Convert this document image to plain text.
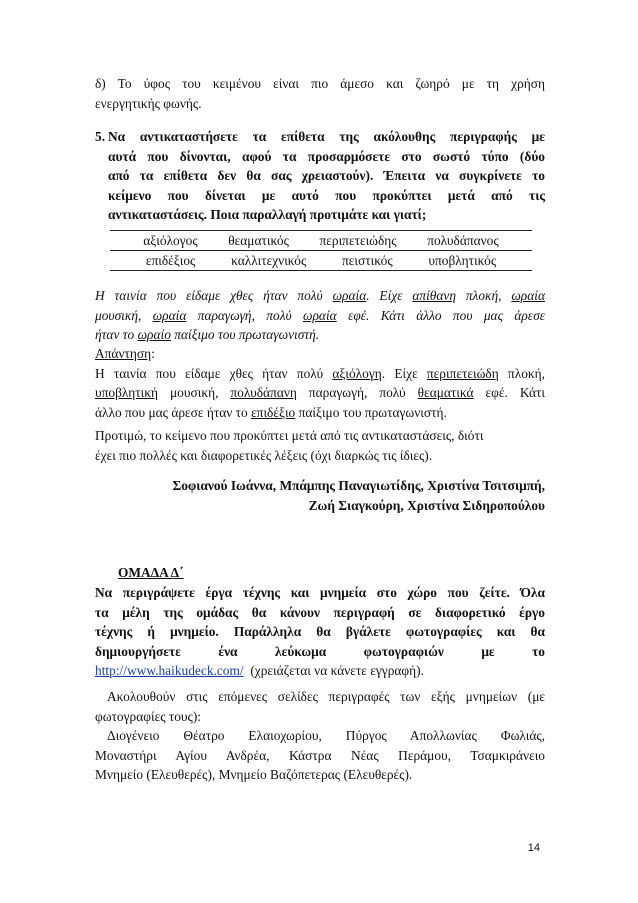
δ) Το ύφος του κειμένου είναι πιο άμεσο και ζωηρό με τη χρήση
ενεργητικής φωνής.
5. Να αντικαταστήσετε τα επίθετα της ακόλουθης περιγραφής με
αυτά που δίνονται, αφού τα προσαρμόσετε στο σωστό τύπο (δύο
από τα επίθετα δεν θα σας χρειαστούν). Έπειτα να συγκρίνετε το
κείμενο που δίνεται με αυτό που προκύπτει μετά από τις
αντικαταστάσεις. Ποια παραλλαγή προτιμάτε και γιατί;
αξιόλογος θεαματικός περιπετειώδης πολυδάπανος
επιδέξιος	καλλιτεχνικός	πειστικός	υποβλητικός
Η ταινία που είδαμε χθες ήταν πολύ ωραία. Είχε απίθανη πλοκή, ωραία
μουσική, ωραία παραγωγή, πολύ ωραία εφέ. Κάτι άλλο που μας άρεσε
ήταν το ωραίο παίξιμο του πρωταγωνιστή.
Απάντηση:
Η ταινία που είδαμε χθες ήταν πολύ αξιόλογη. Είχε περιπετειώδη πλοκή,
υποβλητική μουσική, πολυδάπανη παραγωγή, πολύ θεαματικά εφέ. Κάτι
άλλο που μας άρεσε ήταν το επιδέξιο παίξιμο του πρωταγωνιστή.
Προτιμώ, το κείμενο που προκύπτει μετά από τις αντικαταστάσεις, διότι
έχει πιο πολλές και διαφορετικές λέξεις (όχι διαρκώς τις ίδιες).
Σοφιανού Ιωάννα, Μπάμπης Παναγιωτίδης, Χριστίνα Τσιτσιμπή,
Ζωή Σιαγκούρη, Χριστίνα Σιδηροπούλου
ΟΜΑΔΑ Δ΄
Να περιγράψετε έργα τέχνης και μνημεία στο χώρο που ζείτε. Όλα
τα μέλη της ομάδας θα κάνουν περιγραφή σε διαφορετικό έργο
τέχνης ή μνημείο. Παράλληλα θα βγάλετε φωτογραφίες και θα
δημιουργήσετε ένα λεύκωμα φωτογραφιών με το
http://www.haikudeck.com/  (χρειάζεται να κάνετε εγγραφή).
Ακολουθούν στις επόμενες σελίδες περιγραφές των εξής μνημείων (με
φωτογραφίες τους):
Διογένειο Θέατρο Ελαιοχωρίου, Πύργος Απολλωνίας Φωλιάς,
Μοναστήρι Αγίου Ανδρέα, Κάστρα Νέας Περάμου, Τσαμκιράνειο
Μνημείο (Ελευθερές), Μνημείο Βαζόπετερας (Ελευθερές).
14
